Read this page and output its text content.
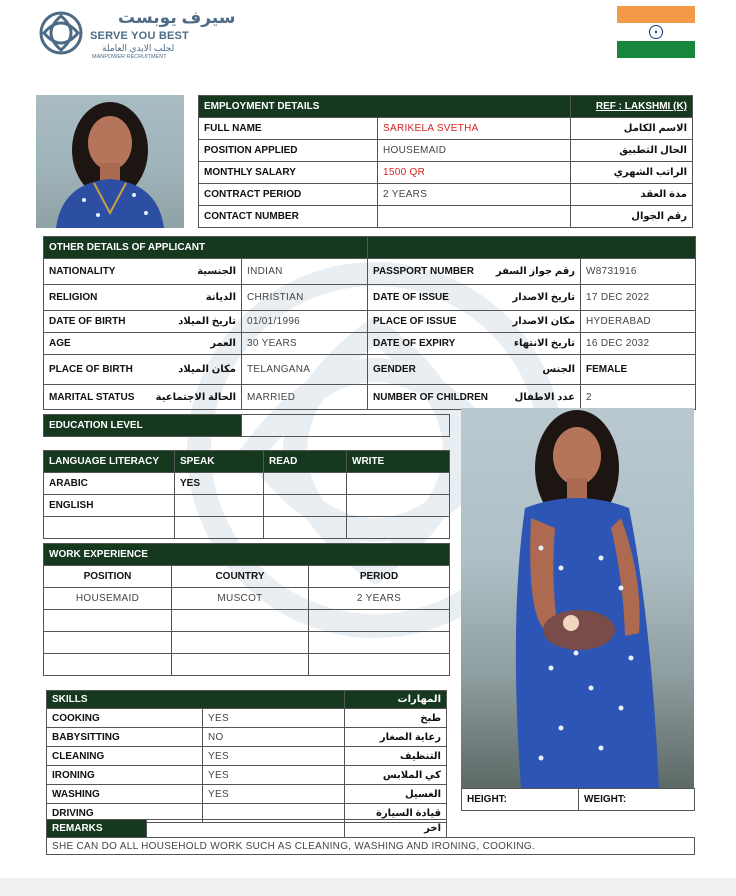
سيرف يوبست
SERVE YOU BEST
لجلب الايدي العاملة
MANPOWER RECRUITMENT
EMPLOYMENT DETAILS		REF : LAKSHMI (K)
FULL NAME	SARIKELA SVETHA	الاسم الكامل
POSITION APPLIED	HOUSEMAID	الحال التطبيق
MONTHLY SALARY	1500 QR	الراتب الشهري
CONTRACT PERIOD	2 YEARS	مدة العقد
CONTACT NUMBER		رقم الجوال
OTHER DETAILS OF APPLICANT			

NATIONALITY الجنسية	INDIAN	PASSPORT NUMBER رقم جواز السفر	W8731916

RELIGION الديانة	CHRISTIAN	DATE OF ISSUE تاريخ الاصدار	17 DEC 2022

DATE OF BIRTH تاريخ الميلاد	01/01/1996	PLACE OF ISSUE مكان الاصدار	HYDERABAD

AGE العمر	30 YEARS	DATE OF EXPIRY تاريخ الانتهاء	16 DEC 2032

PLACE OF BIRTH مكان الميلاد	TELANGANA	GENDER الجنس	FEMALE

MARITAL STATUS الحالة الاجتماعية	MARRIED	NUMBER OF CHILDREN عدد الاطفال	2
EDUCATION LEVEL	
LANGUAGE LITERACY	SPEAK	READ	WRITE
ARABIC	YES		
ENGLISH			

WORK EXPERIENCE		
POSITION	COUNTRY	PERIOD
HOUSEMAID	MUSCOT	2 YEARS

SKILLS		المهارات
COOKING	YES	طبخ
BABYSITTING	NO	رعاية الصغار
CLEANING	YES	التنظيف
IRONING	YES	كي الملابس
WASHING	YES	الغسيل
DRIVING		قيادة السيارة
REMARKS		اخر	
SHE CAN DO ALL HOUSEHOLD WORK SUCH AS CLEANING, WASHING AND IRONING, COOKING.
HEIGHT:	WEIGHT:
